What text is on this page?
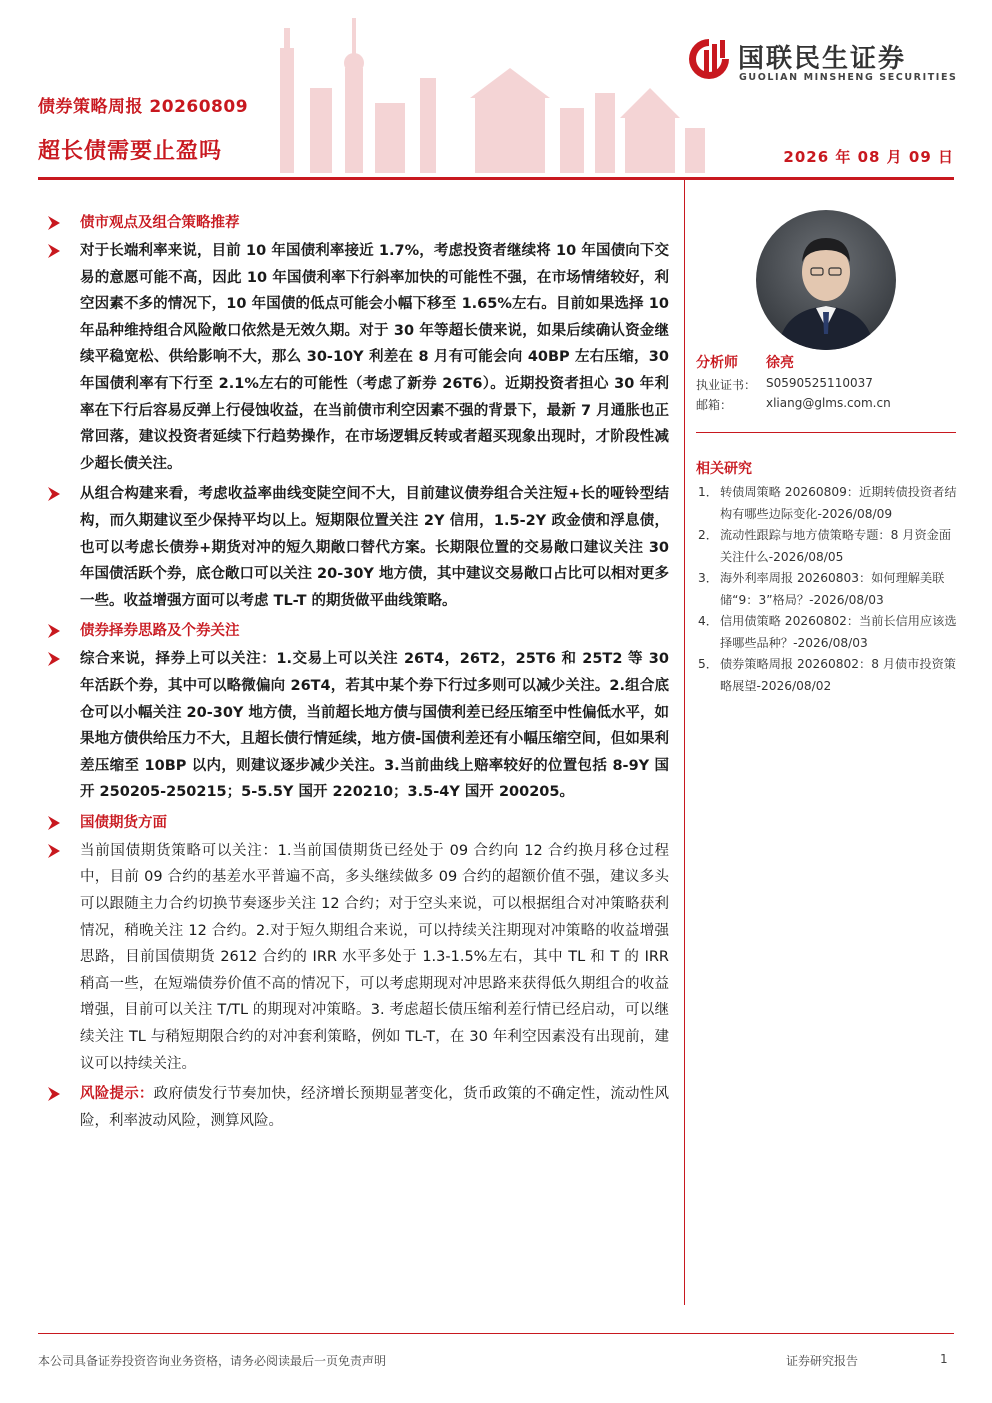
债券策略周报 20260809
超长债需要止盈吗	2026 年 08 月 09 日
国联民生证券
GUOLIAN MINSHENG SECURITIES
债市观点及组合策略推荐
对于长端利率来说，目前 10 年国债利率接近 1.7%，考虑投资者继续将 10 年国债向下交易的意愿可能不高，因此 10 年国债利率下行斜率加快的可能性不强，在市场情绪较好，利空因素不多的情况下，10 年国债的低点可能会小幅下移至 1.65%左右。目前如果选择 10 年品种维持组合风险敞口依然是无效久期。对于 30 年等超长债来说，如果后续确认资金继续平稳宽松、供给影响不大，那么 30-10Y 利差在 8 月有可能会向 40BP 左右压缩，30 年国债利率有下行至 2.1%左右的可能性（考虑了新券 26T6）。近期投资者担心 30 年利率在下行后容易反弹上行侵蚀收益，在当前债市利空因素不强的背景下，最新 7 月通胀也正常回落，建议投资者延续下行趋势操作，在市场逻辑反转或者超买现象出现时，才阶段性减少超长债关注。
从组合构建来看，考虑收益率曲线变陡空间不大，目前建议债券组合关注短+长的哑铃型结构，而久期建议至少保持平均以上。短期限位置关注 2Y 信用，1.5-2Y 政金债和浮息债，也可以考虑长债券+期货对冲的短久期敞口替代方案。长期限位置的交易敞口建议关注 30 年国债活跃个券，底仓敞口可以关注 20-30Y 地方债，其中建议交易敞口占比可以相对更多一些。收益增强方面可以考虑 TL-T 的期货做平曲线策略。
债券择券思路及个券关注
综合来说，择券上可以关注：1.交易上可以关注 26T4，26T2，25T6 和 25T2 等 30 年活跃个券，其中可以略微偏向 26T4，若其中某个券下行过多则可以减少关注。2.组合底仓可以小幅关注 20-30Y 地方债，当前超长地方债与国债利差已经压缩至中性偏低水平，如果地方债供给压力不大，且超长债行情延续，地方债-国债利差还有小幅压缩空间，但如果利差压缩至 10BP 以内，则建议逐步减少关注。3.当前曲线上赔率较好的位置包括 8-9Y 国开 250205-250215；5-5.5Y 国开 220210；3.5-4Y 国开 200205。
国债期货方面
当前国债期货策略可以关注：1.当前国债期货已经处于 09 合约向 12 合约换月移仓过程中，目前 09 合约的基差水平普遍不高，多头继续做多 09 合约的超额价值不强，建议多头可以跟随主力合约切换节奏逐步关注 12 合约；对于空头来说，可以根据组合对冲策略获利情况，稍晚关注 12 合约。2.对于短久期组合来说，可以持续关注期现对冲策略的收益增强思路，目前国债期货 2612 合约的 IRR 水平多处于 1.3-1.5%左右，其中 TL 和 T 的 IRR 稍高一些，在短端债券价值不高的情况下，可以考虑期现对冲思路来获得低久期组合的收益增强，目前可以关注 T/TL 的期现对冲策略。3. 考虑超长债压缩利差行情已经启动，可以继续关注 TL 与稍短期限合约的对冲套利策略，例如 TL-T，在 30 年利空因素没有出现前，建议可以持续关注。
风险提示：政府债发行节奏加快，经济增长预期显著变化，货币政策的不确定性，流动性风险，利率波动风险，测算风险。
分析师 徐亮
执业证书： S0590525110037
邮箱：	xliang@glms.com.cn
相关研究
1． 转债周策略 20260809：近期转债投资者结构有哪些边际变化-2026/08/09
2． 流动性跟踪与地方债策略专题：8 月资金面关注什么-2026/08/05
3． 海外利率周报 20260803：如何理解美联储“9：3”格局？-2026/08/03
4． 信用债策略 20260802：当前长信用应该选择哪些品种？-2026/08/03
5． 债券策略周报 20260802：8 月债市投资策略展望-2026/08/02
本公司具备证券投资咨询业务资格，请务必阅读最后一页免责声明	证券研究报告	1
